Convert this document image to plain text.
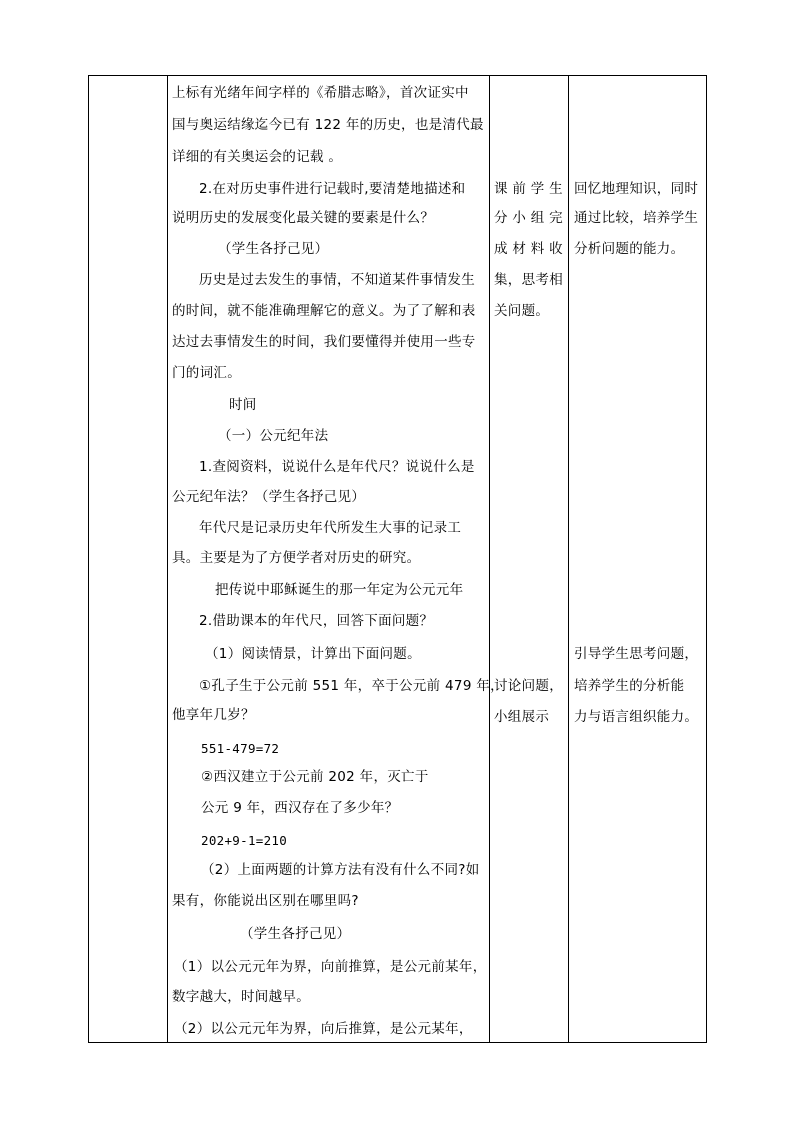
上标有光绪年间字样的《希腊志略》，首次证实中
国与奥运结缘迄今已有 122 年的历史，也是清代最
详细的有关奥运会的记载 。
2.在对历史事件进行记载时,要清楚地描述和
说明历史的发展变化最关键的要素是什么？
（学生各抒己见）
历史是过去发生的事情，不知道某件事情发生
的时间，就不能准确理解它的意义。为了了解和表
达过去事情发生的时间，我们要懂得并使用一些专
门的词汇。
时间
（一）公元纪年法
1.查阅资料，说说什么是年代尺？说说什么是
公元纪年法？（学生各抒己见）
年代尺是记录历史年代所发生大事的记录工
具。主要是为了方便学者对历史的研究。
把传说中耶稣诞生的那一年定为公元元年
2.借助课本的年代尺，回答下面问题？
（1）阅读情景，计算出下面问题。
①孔子生于公元前 551 年，卒于公元前 479 年，
他享年几岁？
551-479=72
②西汉建立于公元前 202 年，灭亡于
公元 9 年，西汉存在了多少年？
202+9-1=210
（2）上面两题的计算方法有没有什么不同?如
果有，你能说出区别在哪里吗?
（学生各抒己见）
（1）以公元元年为界，向前推算，是公元前某年，
数字越大，时间越早。
（2）以公元元年为界，向后推算，是公元某年，
课 前 学 生
分 小 组 完
成 材 料 收
集，思考相
关问题。
讨论问题，
小组展示
回忆地理知识，同时
通过比较，培养学生
分析问题的能力。
引导学生思考问题，
培养学生的分析能
力与语言组织能力。
